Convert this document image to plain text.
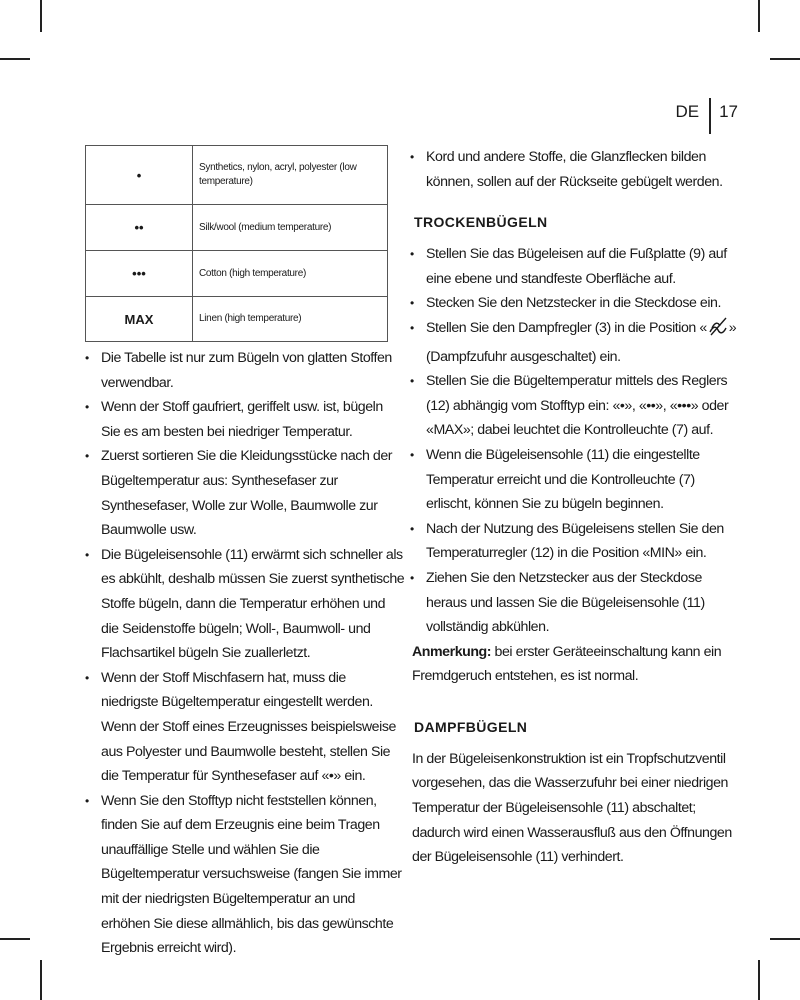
DE	17
•	Synthetics, nylon, acryl, polyester (low temperature)
••	Silk/wool (medium temperature)
•••	Cotton (high temperature)
MAX	Linen (high temperature)
• Die Tabelle ist nur zum Bügeln von glatten Stoffen verwendbar.
• Wenn der Stoff gaufriert, geriffelt usw. ist, bügeln Sie es am besten bei niedriger Temperatur.
• Zuerst sortieren Sie die Kleidungsstücke nach der Bügeltemperatur aus: Synthesefaser zur Synthesefaser, Wolle zur Wolle, Baumwolle zur Baumwolle usw.
• Die Bügeleisensohle (11) erwärmt sich schneller als es abkühlt, deshalb müssen Sie zuerst synthetische Stoffe bügeln, dann die Temperatur erhöhen und die Seidenstoffe bügeln; Woll-, Baumwoll- und Flachsartikel bügeln Sie zuallerletzt.
• Wenn der Stoff Mischfasern hat, muss die niedrigste Bügeltemperatur eingestellt werden. Wenn der Stoff eines Erzeugnisses beispielsweise aus Polyester und Baumwolle besteht, stellen Sie die Temperatur für Synthesefaser auf «•» ein.
• Wenn Sie den Stofftyp nicht feststellen können, finden Sie auf dem Erzeugnis eine beim Tragen unauffällige Stelle und wählen Sie die Bügeltemperatur versuchsweise (fangen Sie immer mit der niedrigsten Bügeltemperatur an und erhöhen Sie diese allmählich, bis das gewünschte Ergebnis erreicht wird).
• Kord und andere Stoffe, die Glanzflecken bilden können, sollen auf der Rückseite gebügelt werden.
TROCKENBÜGELN
• Stellen Sie das Bügeleisen auf die Fußplatte (9) auf eine ebene und standfeste Oberfläche auf.
• Stecken Sie den Netzstecker in die Steckdose ein.
• Stellen Sie den Dampfregler (3) in die Position « » (Dampfzufuhr ausgeschaltet) ein.
• Stellen Sie die Bügeltemperatur mittels des Reglers (12) abhängig vom Stofftyp ein: «•», «••», «•••» oder «MAX»; dabei leuchtet die Kontrolleuchte (7) auf.
• Wenn die Bügeleisensohle (11) die eingestellte Temperatur erreicht und die Kontrolleuchte (7) erlischt, können Sie zu bügeln beginnen.
• Nach der Nutzung des Bügeleisens stellen Sie den Temperaturregler (12) in die Position «MIN» ein.
• Ziehen Sie den Netzstecker aus der Steckdose heraus und lassen Sie die Bügeleisensohle (11) vollständig abkühlen.

Anmerkung: bei erster Geräteeinschaltung kann ein Fremdgeruch entstehen, es ist normal.

DAMPFBÜGELN

In der Bügeleisenkonstruktion ist ein Tropfschutzventil vorgesehen, das die Wasserzufuhr bei einer niedrigen Temperatur der Bügeleisensohle (11) abschaltet; dadurch wird einen Wasserausfluß aus den Öffnungen der Bügeleisensohle (11) verhindert.
